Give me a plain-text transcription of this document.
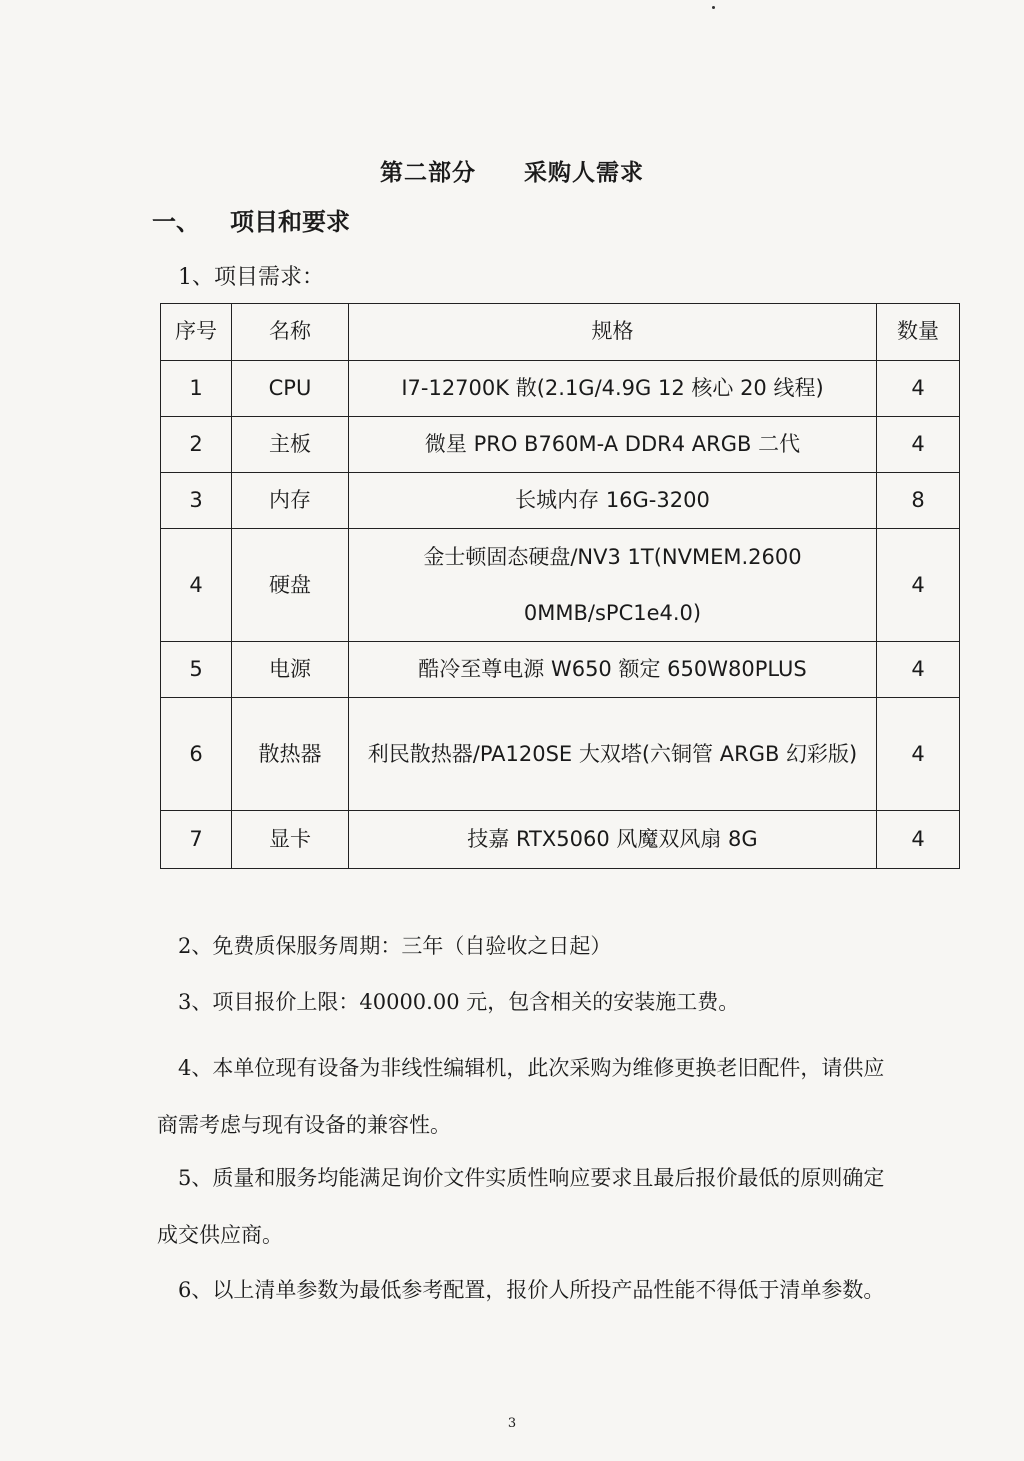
第二部分 采购人需求
一、 项目和要求
1、项目需求：
序号	名称	规格	数量
1	CPU	I7-12700K 散(2.1G/4.9G 12 核心 20 线程)	4
2	主板	微星 PRO B760M-A DDR4 ARGB 二代	4
3	内存	长城内存 16G-3200	8
4	硬盘	金士顿固态硬盘/NV3 1T(NVMEM.26000MMB/sPC1e4.0)	4
5	电源	酷冷至尊电源 W650 额定 650W80PLUS	4
6	散热器	利民散热器/PA120SE 大双塔(六铜管 ARGB 幻彩版)	4
7	显卡	技嘉 RTX5060 风魔双风扇 8G	4
2、免费质保服务周期：三年（自验收之日起）
3、项目报价上限：40000.00 元，包含相关的安装施工费。
4、本单位现有设备为非线性编辑机，此次采购为维修更换老旧配件，请供应商需考虑与现有设备的兼容性。
5、质量和服务均能满足询价文件实质性响应要求且最后报价最低的原则确定成交供应商。
6、以上清单参数为最低参考配置，报价人所投产品性能不得低于清单参数。
3
